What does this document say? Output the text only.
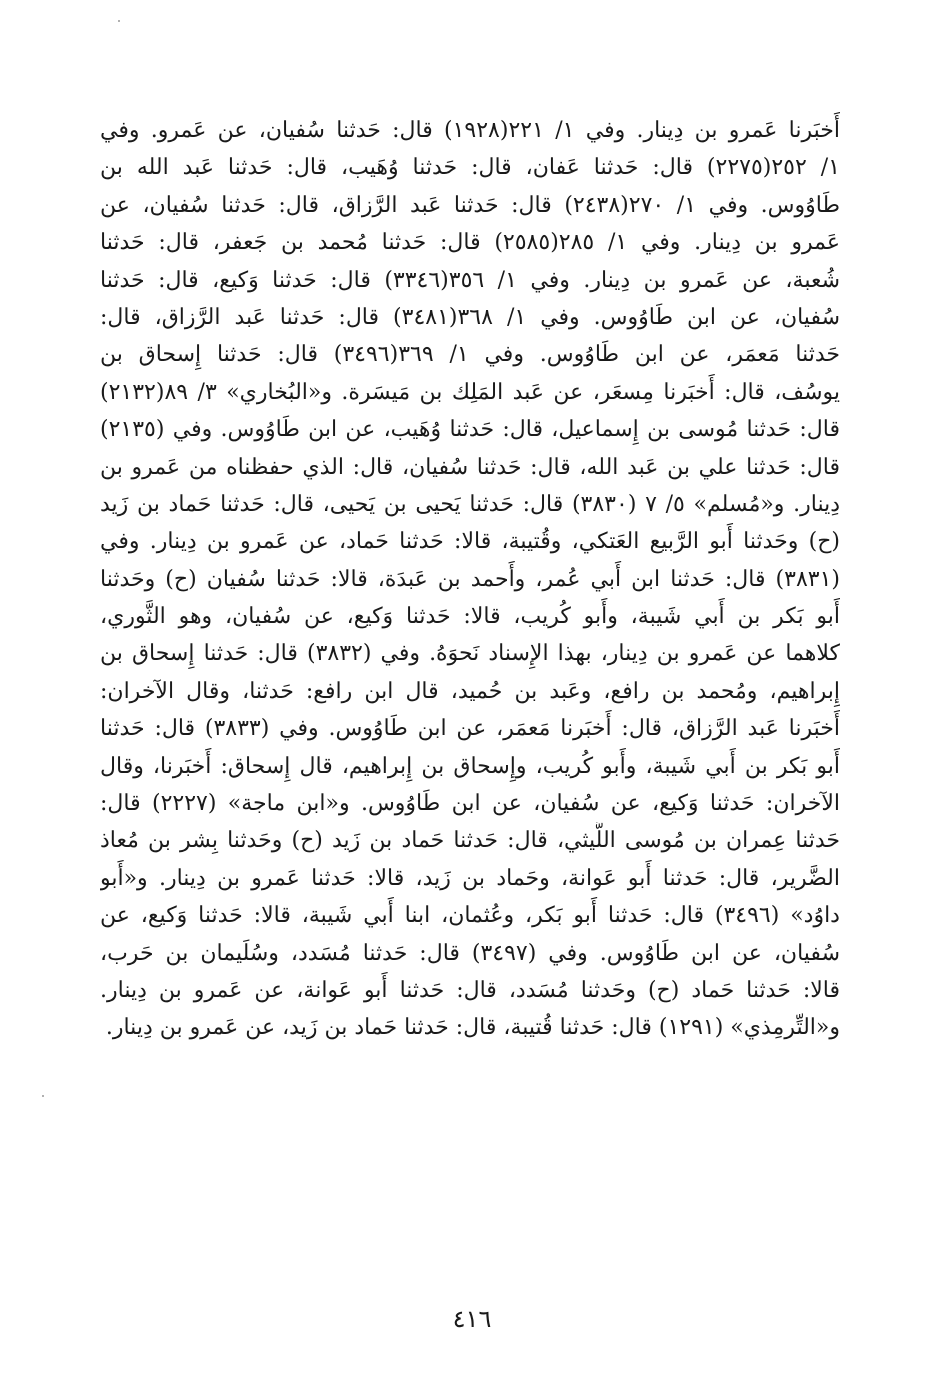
أَخبَرنا عَمرو بن دِينار. وفي ١/ ٢٢١(١٩٢٨) قال: حَدثنا سُفيان، عن عَمرو. وفي
١/ ٢٥٢(٢٢٧٥) قال: حَدثنا عَفان، قال: حَدثنا وُهَيب، قال: حَدثنا عَبد الله بن
طَاوُوس. وفي ١/ ٢٧٠(٢٤٣٨) قال: حَدثنا عَبد الرَّزاق، قال: حَدثنا سُفيان، عن
عَمرو بن دِينار. وفي ١/ ٢٨٥(٢٥٨٥) قال: حَدثنا مُحمد بن جَعفر، قال: حَدثنا
شُعبة، عن عَمرو بن دِينار. وفي ١/ ٣٥٦(٣٣٤٦) قال: حَدثنا وَكيع، قال: حَدثنا
سُفيان، عن ابن طَاوُوس. وفي ١/ ٣٦٨(٣٤٨١) قال: حَدثنا عَبد الرَّزاق، قال:
حَدثنا مَعمَر، عن ابن طَاوُوس. وفي ١/ ٣٦٩(٣٤٩٦) قال: حَدثنا إِسحاق بن
يوسُف، قال: أَخبَرنا مِسعَر، عن عَبد المَلِك بن مَيسَرة. و«البُخاري» ٣/ ٨٩(٢١٣٢)
قال: حَدثنا مُوسى بن إِسماعيل، قال: حَدثنا وُهَيب، عن ابن طَاوُوس. وفي (٢١٣٥)
قال: حَدثنا علي بن عَبد الله، قال: حَدثنا سُفيان، قال: الذي حفظناه من عَمرو بن
دِينار. و«مُسلم» ٥/ ٧ (٣٨٣٠) قال: حَدثنا يَحيى بن يَحيى، قال: حَدثنا حَماد بن زَيد
(ح) وحَدثنا أَبو الرَّبيع العَتكي، وقُتيبة، قالا: حَدثنا حَماد، عن عَمرو بن دِينار. وفي
(٣٨٣١) قال: حَدثنا ابن أَبي عُمر، وأَحمد بن عَبدَة، قالا: حَدثنا سُفيان (ح) وحَدثنا
أَبو بَكر بن أَبي شَيبة، وأَبو كُريب، قالا: حَدثنا وَكيع، عن سُفيان، وهو الثَّوري،
كلاهما عن عَمرو بن دِينار، بهذا الإِسناد نَحوَهُ. وفي (٣٨٣٢) قال: حَدثنا إِسحاق بن
إِبراهيم، ومُحمد بن رافع، وعَبد بن حُميد، قال ابن رافع: حَدثنا، وقال الآخران:
أَخبَرنا عَبد الرَّزاق، قال: أَخبَرنا مَعمَر، عن ابن طَاوُوس. وفي (٣٨٣٣) قال: حَدثنا
أَبو بَكر بن أَبي شَيبة، وأَبو كُريب، وإِسحاق بن إِبراهيم، قال إِسحاق: أَخبَرنا، وقال
الآخران: حَدثنا وَكيع، عن سُفيان، عن ابن طَاوُوس. و«ابن ماجة» (٢٢٢٧) قال:
حَدثنا عِمران بن مُوسى اللَّيثي، قال: حَدثنا حَماد بن زَيد (ح) وحَدثنا بِشر بن مُعاذ
الضَّرير، قال: حَدثنا أَبو عَوانة، وحَماد بن زَيد، قالا: حَدثنا عَمرو بن دِينار. و«أَبو
داوُد» (٣٤٩٦) قال: حَدثنا أَبو بَكر، وعُثمان، ابنا أَبي شَيبة، قالا: حَدثنا وَكيع، عن
سُفيان، عن ابن طَاوُوس. وفي (٣٤٩٧) قال: حَدثنا مُسَدد، وسُلَيمان بن حَرب،
قالا: حَدثنا حَماد (ح) وحَدثنا مُسَدد، قال: حَدثنا أَبو عَوانة، عن عَمرو بن دِينار.
و«التِّرمِذي» (١٢٩١) قال: حَدثنا قُتيبة، قال: حَدثنا حَماد بن زَيد، عن عَمرو بن دِينار.
٤١٦
